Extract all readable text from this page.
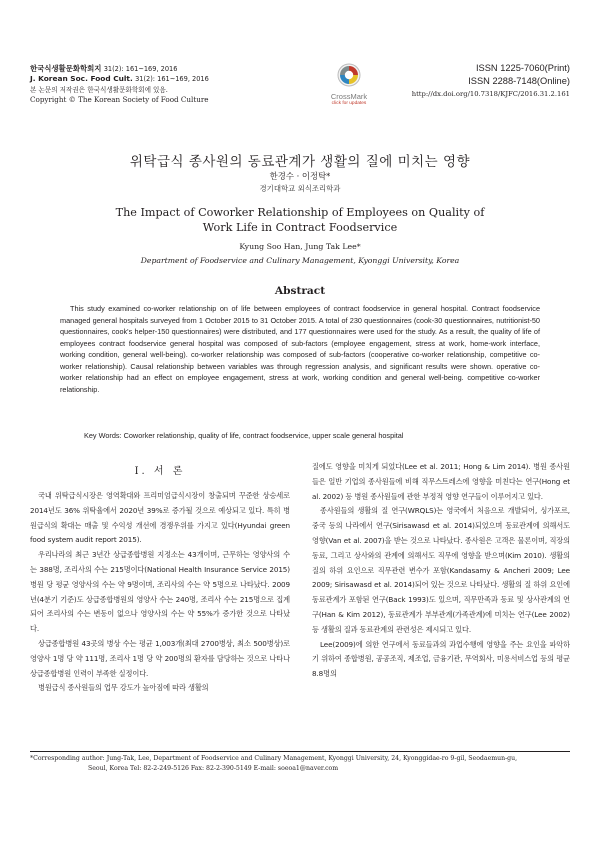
한국식생활문화학회지 31(2): 161~169, 2016
J. Korean Soc. Food Cult. 31(2): 161~169, 2016
본 논문의 저작권은 한국식생활문화학회에 있음.
Copyright © The Korean Society of Food Culture	CrossMark
click for updates
ISSN 1225-7060(Print)
ISSN 2288-7148(Online)
http://dx.doi.org/10.7318/KJFC/2016.31.2.161
위탁급식 종사원의 동료관계가 생활의 질에 미치는 영향
한경수 · 이정탁*
경기대학교 외식조리학과
The Impact of Coworker Relationship of Employees on Quality of
Work Life in Contract Foodservice
Kyung Soo Han, Jung Tak Lee*
Department of Foodservice and Culinary Management, Kyonggi University, Korea
Abstract
This study examined co-worker relationship on of life between employees of contract foodservice in general hospital. Contract foodservice managed general hospitals surveyed from 1 October 2015 to 31 October 2015. A total of 230 questionnaires (cook-30 questionnaires, nutritionist-50 questionnaires, cook's helper-150 questionnaires) were distributed, and 177 questionnaires were used for the study. As a result, the quality of life of employees contract foodservice general hospital was composed of sub-factors (employee engagement, stress at work, home-work interface, working condition, general well-being). co-worker relationship was composed of sub-factors (cooperative co-worker relationship, competitive co-worker relationship). Causal relationship between variables was through regression analysis, and significant results were shown. operative co-worker relationship had an effect on employee engagement, stress at work, working condition and general well-being. competitive co-worker relationship.
Key Words: Coworker relationship, quality of life, contract foodservice, upper scale general hospital
I. 서 론

국내 위탁급식시장은 영역확대와 프리미엄급식시장이 창출되며 꾸준한 상승세로 2014년도 36% 위탁율에서 2020년 39%로 증가될 것으로 예상되고 있다. 특히 병원급식의 확대는 매출 및 수익성 개선에 경쟁우위를 가지고 있다(Hyundai green food system audit report 2015).

우리나라의 최근 3년간 상급종합병원 지정소는 43개이며, 근무하는 영양사의 수는 388명, 조리사의 수는 215명이다(National Health Insurance Service 2015) 병원 당 평균 영양사의 수는 약 9명이며, 조리사의 수는 약 5명으로 나타났다. 2009년(4분기 기준)도 상급종합병원의 영양사 수는 240명, 조리사 수는 215명으로 집계되어 조리사의 수는 변동이 없으나 영양사의 수는 약 55%가 증가한 것으로 나타났다.

상급종합병원 43곳의 병상 수는 평균 1,003개(최대 2700병상, 최소 500병상)로 영양사 1명 당 약 111명, 조리사 1명 당 약 200명의 환자를 담당하는 것으로 나타나 상급종합병원 인력이 부족한 실정이다.

병원급식 종사원들의 업무 강도가 높아짐에 따라 생활의

질에도 영향을 미치게 되었다(Lee et al. 2011; Hong & Lim 2014). 병원 종사원들은 일반 기업의 종사원들에 비해 직무스트레스에 영향을 미친다는 연구(Hong et al. 2002) 등 병원 종사원들에 관한 부정적 영향 연구들이 이루어지고 있다.

종사원들의 생활의 질 연구(WRQLS)는 영국에서 처음으로 개발되어, 싱가포르, 중국 등의 나라에서 연구(Sirisawasd et al. 2014)되었으며 동료관계에 의해서도 영향(Van et al. 2007)을 받는 것으로 나타났다. 종사원은 고객은 물론이며, 직장의 동료, 그리고 상사와의 관계에 의해서도 직무에 영향을 받으며(Kim 2010). 생활의 질의 하위 요인으로 직무관련 변수가 포함(Kandasamy & Ancheri 2009; Lee 2009; Sirisawasd et al. 2014)되어 있는 것으로 나타났다. 생활의 질 하위 요인에 동료관계가 포함된 연구(Back 1993)도 있으며, 직무만족과 동료 및 상사관계의 연구(Han & Kim 2012), 동료관계가 부부관계(가족관계)에 미치는 연구(Lee 2002) 등 생활의 질과 동료관계의 관련성은 제시되고 있다.

Lee(2009)에 의한 연구에서 동료들과의 과업수행에 영향을 주는 요인을 파악하기 위하여 종합병원, 공공조직, 제조업, 금융기관, 무역회사, 미용서비스업 등의 평균 8.8명의

*Corresponding author: Jung-Tak, Lee, Department of Foodservice and Culinary Management, Kyonggi University, 24, Kyonggidae-ro 9-gil, Seodaemun-gu,
Seoul, Korea Tel: 82-2-249-5126 Fax: 82-2-390-5149 E-mail: soeoa1@naver.com
